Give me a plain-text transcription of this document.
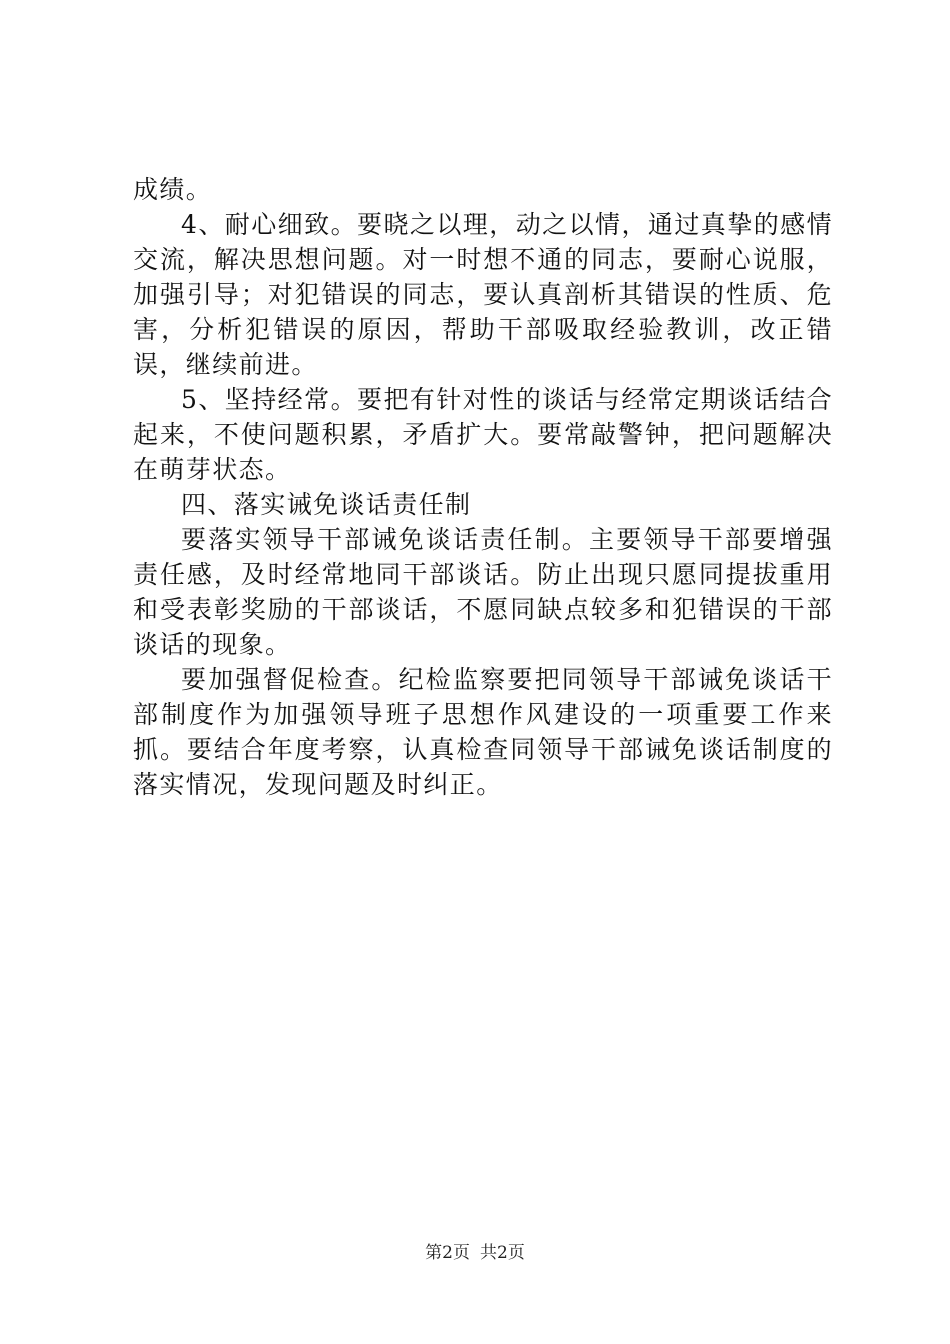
成绩。

4、耐心细致。要晓之以理，动之以情，通过真挚的感情交流，解决思想问题。对一时想不通的同志，要耐心说服，加强引导；对犯错误的同志，要认真剖析其错误的性质、危害，分析犯错误的原因，帮助干部吸取经验教训，改正错误，继续前进。

5、坚持经常。要把有针对性的谈话与经常定期谈话结合起来，不使问题积累，矛盾扩大。要常敲警钟，把问题解决在萌芽状态。

四、落实诫免谈话责任制

要落实领导干部诫免谈话责任制。主要领导干部要增强责任感，及时经常地同干部谈话。防止出现只愿同提拔重用和受表彰奖励的干部谈话，不愿同缺点较多和犯错误的干部谈话的现象。

要加强督促检查。纪检监察要把同领导干部诫免谈话干部制度作为加强领导班子思想作风建设的一项重要工作来抓。要结合年度考察，认真检查同领导干部诫免谈话制度的落实情况，发现问题及时纠正。

第2页 共2页
